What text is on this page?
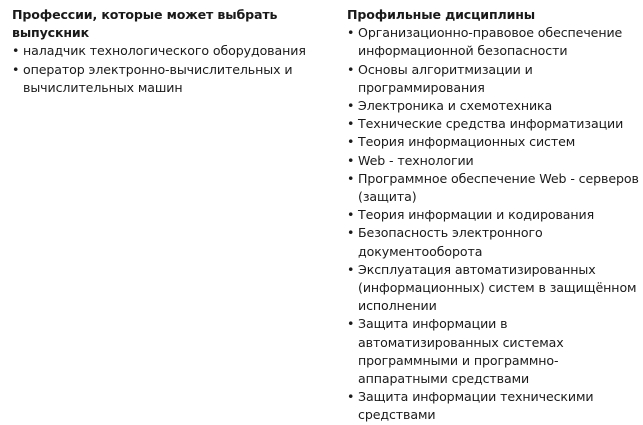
Профессии, которые может выбрать выпускник

• наладчик технологического оборудования
• оператор электронно-вычислительных и вычислительных машин

Профильные дисциплины

• Организационно-правовое обеспечение информационной безопасности
• Основы алгоритмизации и программирования
• Электроника и схемотехника
• Технические средства информатизации
• Теория информационных систем
• Web - технологии
• Программное обеспечение Web - серверов (защита)
• Теория информации и кодирования
• Безопасность электронного документооборота
• Эксплуатация автоматизированных (информационных) систем в защищённом исполнении
• Защита информации в автоматизированных системах программными и программно-аппаратными средствами
• Защита информации техническими средствами
